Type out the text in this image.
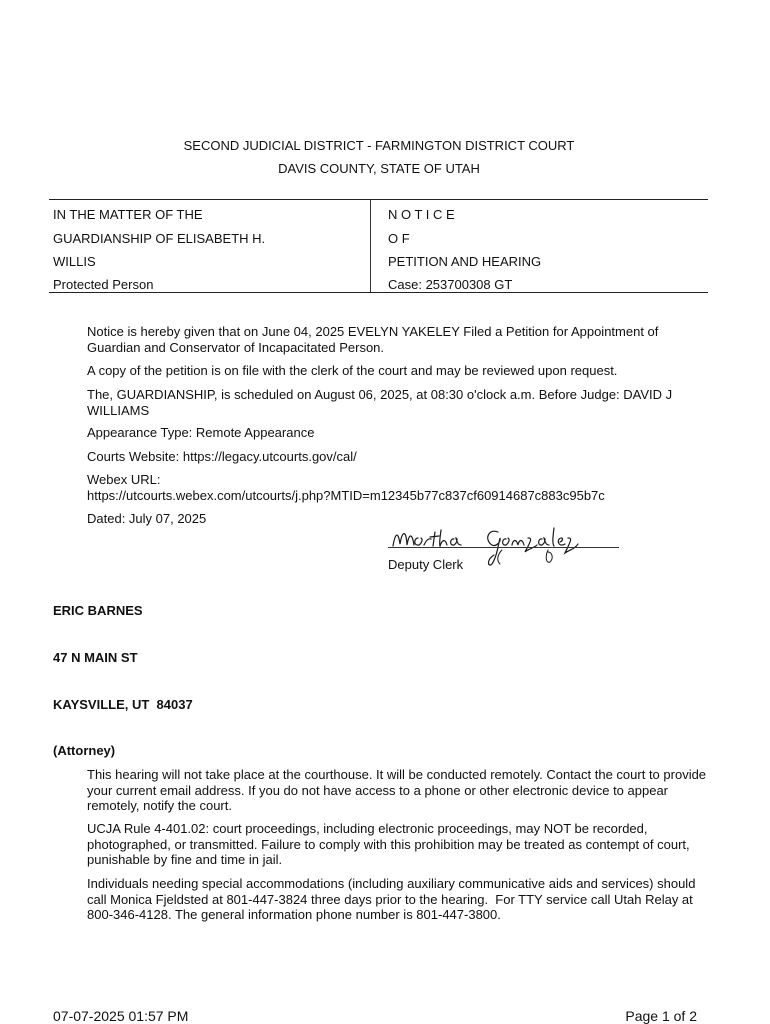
SECOND JUDICIAL DISTRICT - FARMINGTON DISTRICT COURT
DAVIS COUNTY, STATE OF UTAH
IN THE MATTER OF THE
GUARDIANSHIP OF ELISABETH H.
WILLIS
Protected Person
N O T I C E
O F
PETITION AND HEARING
Case: 253700308 GT
Notice is hereby given that on June 04, 2025 EVELYN YAKELEY Filed a Petition for Appointment of Guardian and Conservator of Incapacitated Person.
A copy of the petition is on file with the clerk of the court and may be reviewed upon request.
The, GUARDIANSHIP, is scheduled on August 06, 2025, at 08:30 o'clock a.m. Before Judge: DAVID J WILLIAMS
Appearance Type: Remote Appearance
Courts Website: https://legacy.utcourts.gov/cal/
Webex URL:
https://utcourts.webex.com/utcourts/j.php?MTID=m12345b77c837cf60914687c883c95b7c
Dated: July 07, 2025
Deputy Clerk
ERIC BARNES
47 N MAIN ST
KAYSVILLE, UT  84037
(Attorney)
This hearing will not take place at the courthouse. It will be conducted remotely. Contact the court to provide your current email address. If you do not have access to a phone or other electronic device to appear remotely, notify the court.
UCJA Rule 4-401.02: court proceedings, including electronic proceedings, may NOT be recorded, photographed, or transmitted. Failure to comply with this prohibition may be treated as contempt of court, punishable by fine and time in jail.
Individuals needing special accommodations (including auxiliary communicative aids and services) should call Monica Fjeldsted at 801-447-3824 three days prior to the hearing.  For TTY service call Utah Relay at 800-346-4128. The general information phone number is 801-447-3800.
07-07-2025 01:57 PM	Page 1 of 2
